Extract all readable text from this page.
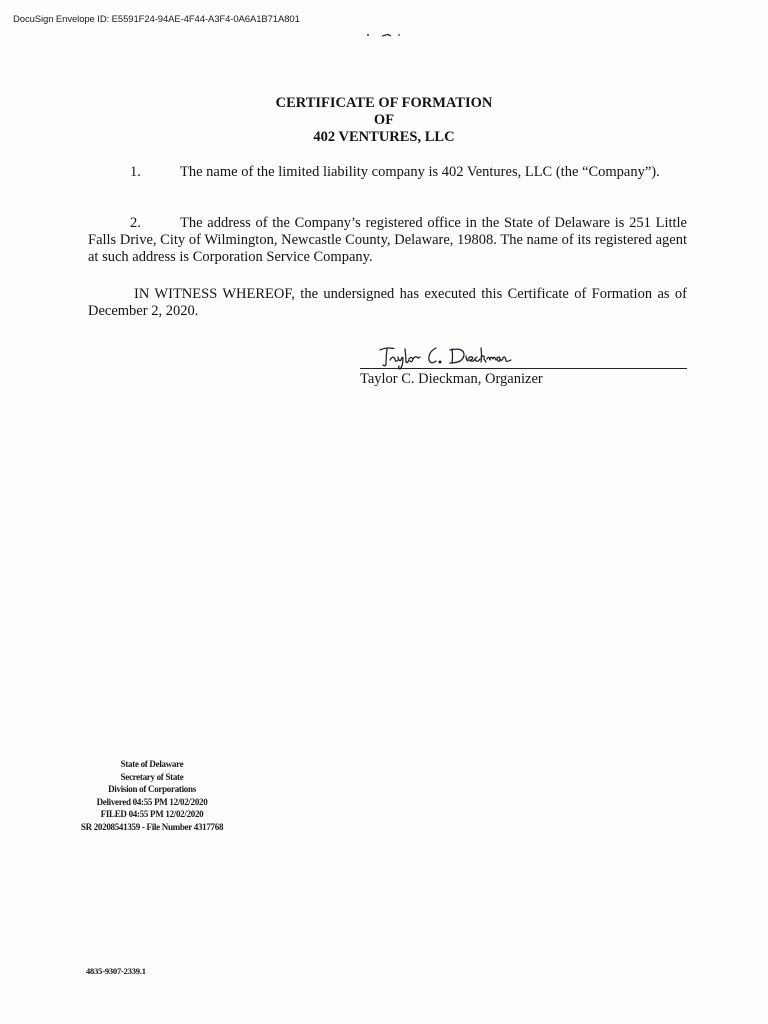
DocuSign Envelope ID: E5591F24-94AE-4F44-A3F4-0A6A1B71A801
CERTIFICATE OF FORMATION
OF
402 VENTURES, LLC

1.	The name of the limited liability company is 402 Ventures, LLC (the “Company”).

2.	The address of the Company’s registered office in the State of Delaware is 251 Little Falls Drive, City of Wilmington, Newcastle County, Delaware, 19808. The name of its registered agent at such address is Corporation Service Company.

IN WITNESS WHEREOF, the undersigned has executed this Certificate of Formation as of December 2, 2020.

Taylor C. Dieckman, Organizer
State of Delaware
Secretary of State
Division of Corporations
Delivered 04:55 PM 12/02/2020
FILED 04:55 PM 12/02/2020
SR 20208541359 - File Number 4317768
4835-9307-2339.1
